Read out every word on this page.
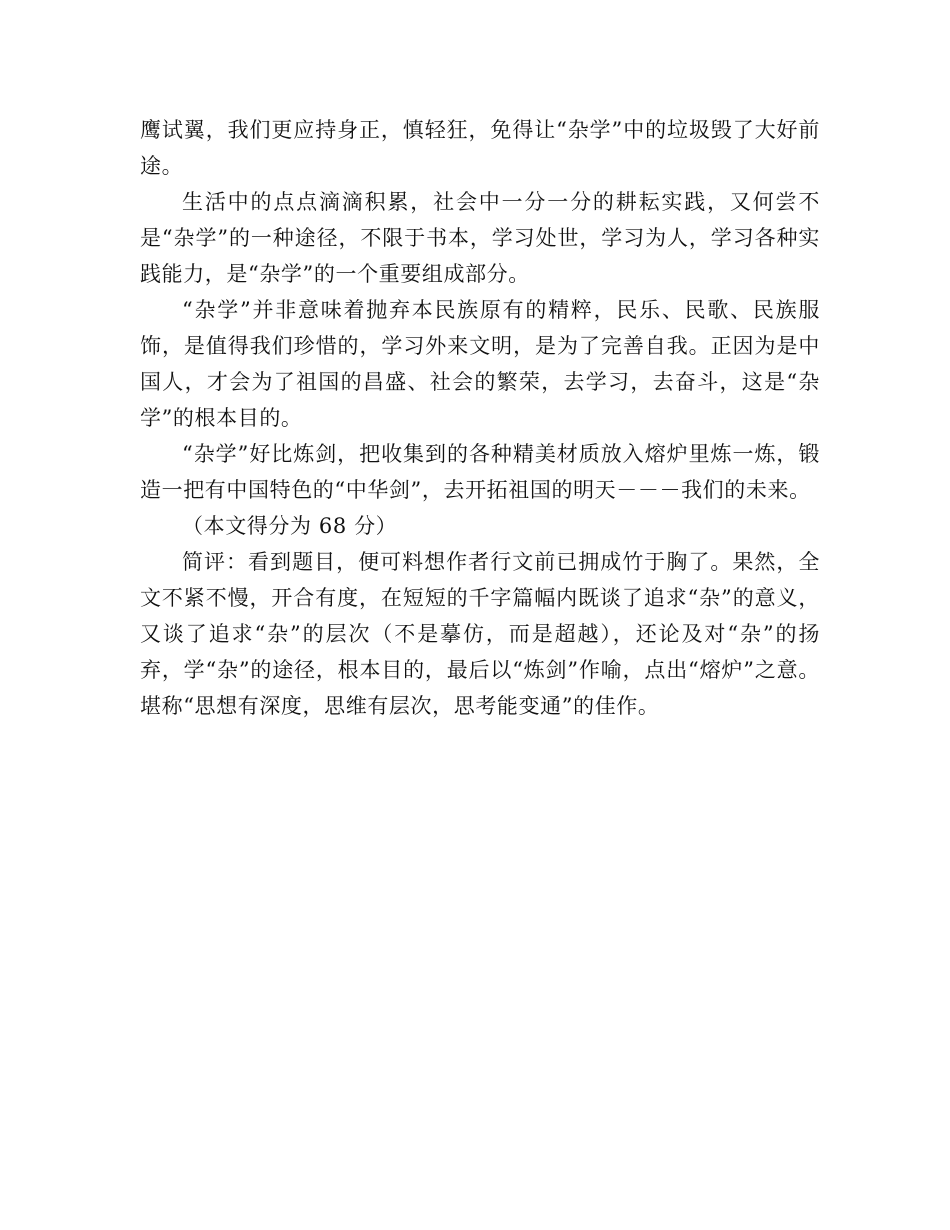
鹰试翼，我们更应持身正，慎轻狂，免得让“杂学”中的垃圾毁了大好前途。

生活中的点点滴滴积累，社会中一分一分的耕耘实践，又何尝不是“杂学”的一种途径，不限于书本，学习处世，学习为人，学习各种实践能力，是“杂学”的一个重要组成部分。

“杂学”并非意味着抛弃本民族原有的精粹，民乐、民歌、民族服饰，是值得我们珍惜的，学习外来文明，是为了完善自我。正因为是中国人，才会为了祖国的昌盛、社会的繁荣，去学习，去奋斗，这是“杂学”的根本目的。

“杂学”好比炼剑，把收集到的各种精美材质放入熔炉里炼一炼，锻造一把有中国特色的“中华剑”，去开拓祖国的明天－－－我们的未来。

（本文得分为 68 分）

简评：看到题目，便可料想作者行文前已拥成竹于胸了。果然，全文不紧不慢，开合有度，在短短的千字篇幅内既谈了追求“杂”的意义，又谈了追求“杂”的层次（不是摹仿，而是超越），还论及对“杂”的扬弃，学“杂”的途径，根本目的，最后以“炼剑”作喻，点出“熔炉”之意。堪称“思想有深度，思维有层次，思考能变通”的佳作。
